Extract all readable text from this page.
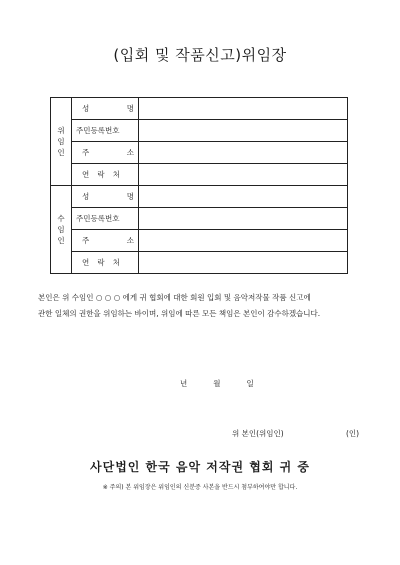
(입회 및 작품신고)위임장
위임인	성 명	

	주민등록번호	

	주 소	

	연 락 처	

수임인	성 명	

	주민등록번호	

	주 소	

	연 락 처	

본인은 위 수임인 ○ ○ ○ 에게 귀 협회에 대한 회원 입회 및 음악저작물 작품 신고에

관한 일체의 권한을 위임하는 바이며, 위임에 따른 모든 책임은 본인이 감수하겠습니다.

년	월	일
위 본인(위임인)	(인)
사단법인 한국 음악 저작권 협회 귀 중
※ 주의) 본 위임장은 위임인의 신분증 사본을 반드시 첨부하여야만 합니다.
